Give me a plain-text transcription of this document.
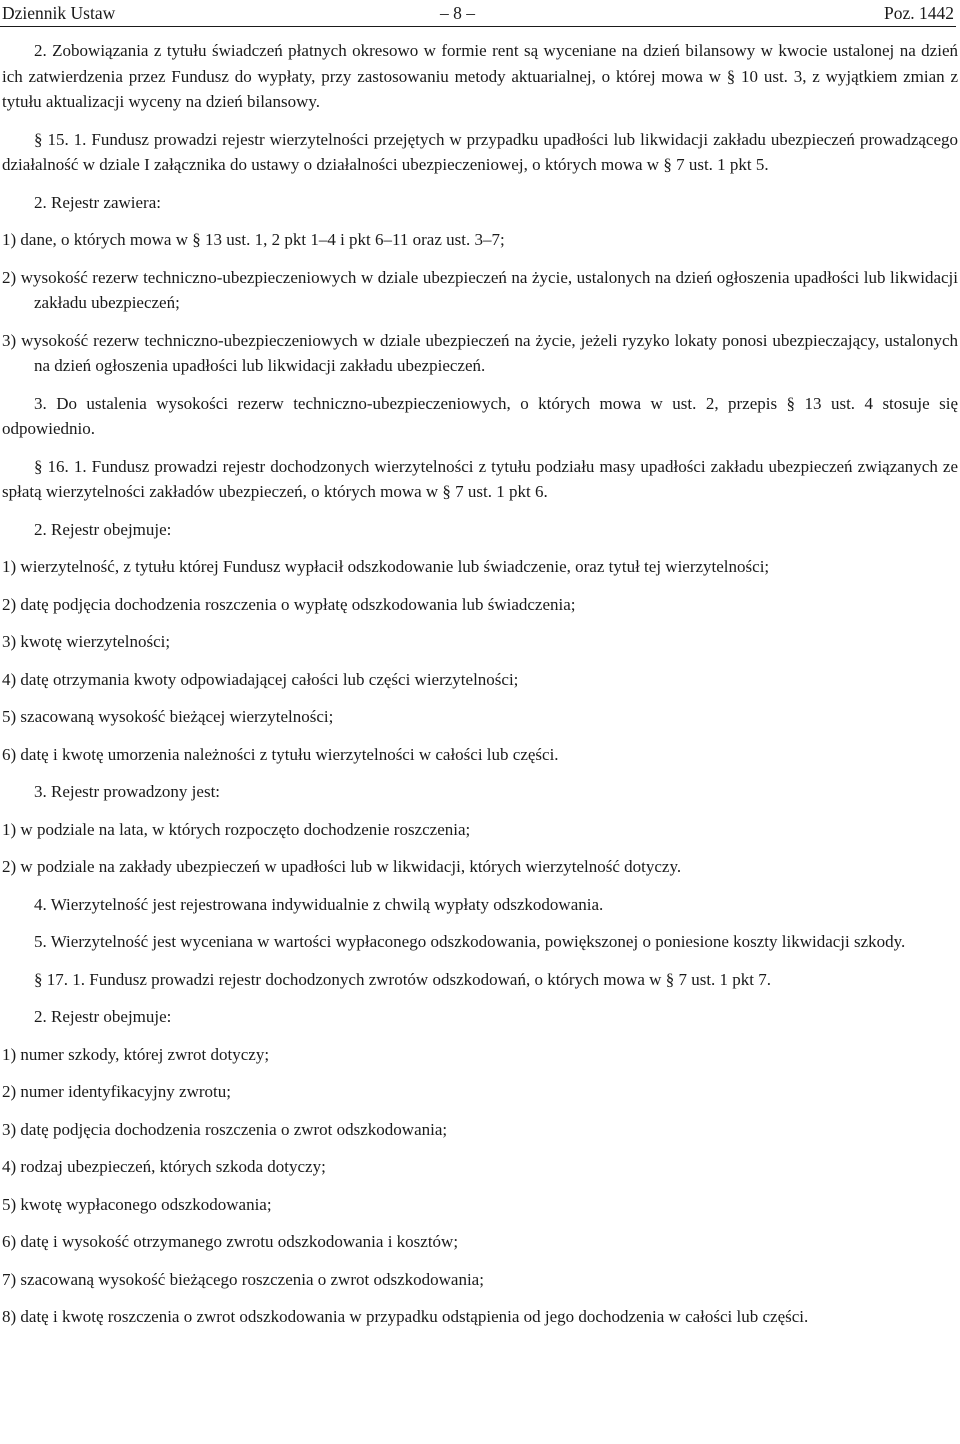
Dziennik Ustaw	– 8 –	Poz. 1442

2. Zobowiązania z tytułu świadczeń płatnych okresowo w formie rent są wyceniane na dzień bilansowy w kwocie ustalonej na dzień ich zatwierdzenia przez Fundusz do wypłaty, przy zastosowaniu metody aktuarialnej, o której mowa w § 10 ust. 3, z wyjątkiem zmian z tytułu aktualizacji wyceny na dzień bilansowy.

§ 15. 1. Fundusz prowadzi rejestr wierzytelności przejętych w przypadku upadłości lub likwidacji zakładu ubezpieczeń prowadzącego działalność w dziale I załącznika do ustawy o działalności ubezpieczeniowej, o których mowa w § 7 ust. 1 pkt 5.

2. Rejestr zawiera:

1) dane, o których mowa w § 13 ust. 1, 2 pkt 1–4 i pkt 6–11 oraz ust. 3–7;

2) wysokość rezerw techniczno-ubezpieczeniowych w dziale ubezpieczeń na życie, ustalonych na dzień ogłoszenia upadłości lub likwidacji zakładu ubezpieczeń;

3) wysokość rezerw techniczno-ubezpieczeniowych w dziale ubezpieczeń na życie, jeżeli ryzyko lokaty ponosi ubezpieczający, ustalonych na dzień ogłoszenia upadłości lub likwidacji zakładu ubezpieczeń.

3. Do ustalenia wysokości rezerw techniczno-ubezpieczeniowych, o których mowa w ust. 2, przepis § 13 ust. 4 stosuje się odpowiednio.

§ 16. 1. Fundusz prowadzi rejestr dochodzonych wierzytelności z tytułu podziału masy upadłości zakładu ubezpieczeń związanych ze spłatą wierzytelności zakładów ubezpieczeń, o których mowa w § 7 ust. 1 pkt 6.

2. Rejestr obejmuje:

1) wierzytelność, z tytułu której Fundusz wypłacił odszkodowanie lub świadczenie, oraz tytuł tej wierzytelności;

2) datę podjęcia dochodzenia roszczenia o wypłatę odszkodowania lub świadczenia;

3) kwotę wierzytelności;

4) datę otrzymania kwoty odpowiadającej całości lub części wierzytelności;

5) szacowaną wysokość bieżącej wierzytelności;

6) datę i kwotę umorzenia należności z tytułu wierzytelności w całości lub części.

3. Rejestr prowadzony jest:

1) w podziale na lata, w których rozpoczęto dochodzenie roszczenia;

2) w podziale na zakłady ubezpieczeń w upadłości lub w likwidacji, których wierzytelność dotyczy.

4. Wierzytelność jest rejestrowana indywidualnie z chwilą wypłaty odszkodowania.

5. Wierzytelność jest wyceniana w wartości wypłaconego odszkodowania, powiększonej o poniesione koszty likwidacji szkody.

§ 17. 1. Fundusz prowadzi rejestr dochodzonych zwrotów odszkodowań, o których mowa w § 7 ust. 1 pkt 7.

2. Rejestr obejmuje:

1) numer szkody, której zwrot dotyczy;

2) numer identyfikacyjny zwrotu;

3) datę podjęcia dochodzenia roszczenia o zwrot odszkodowania;

4) rodzaj ubezpieczeń, których szkoda dotyczy;

5) kwotę wypłaconego odszkodowania;

6) datę i wysokość otrzymanego zwrotu odszkodowania i kosztów;

7) szacowaną wysokość bieżącego roszczenia o zwrot odszkodowania;

8) datę i kwotę roszczenia o zwrot odszkodowania w przypadku odstąpienia od jego dochodzenia w całości lub części.
